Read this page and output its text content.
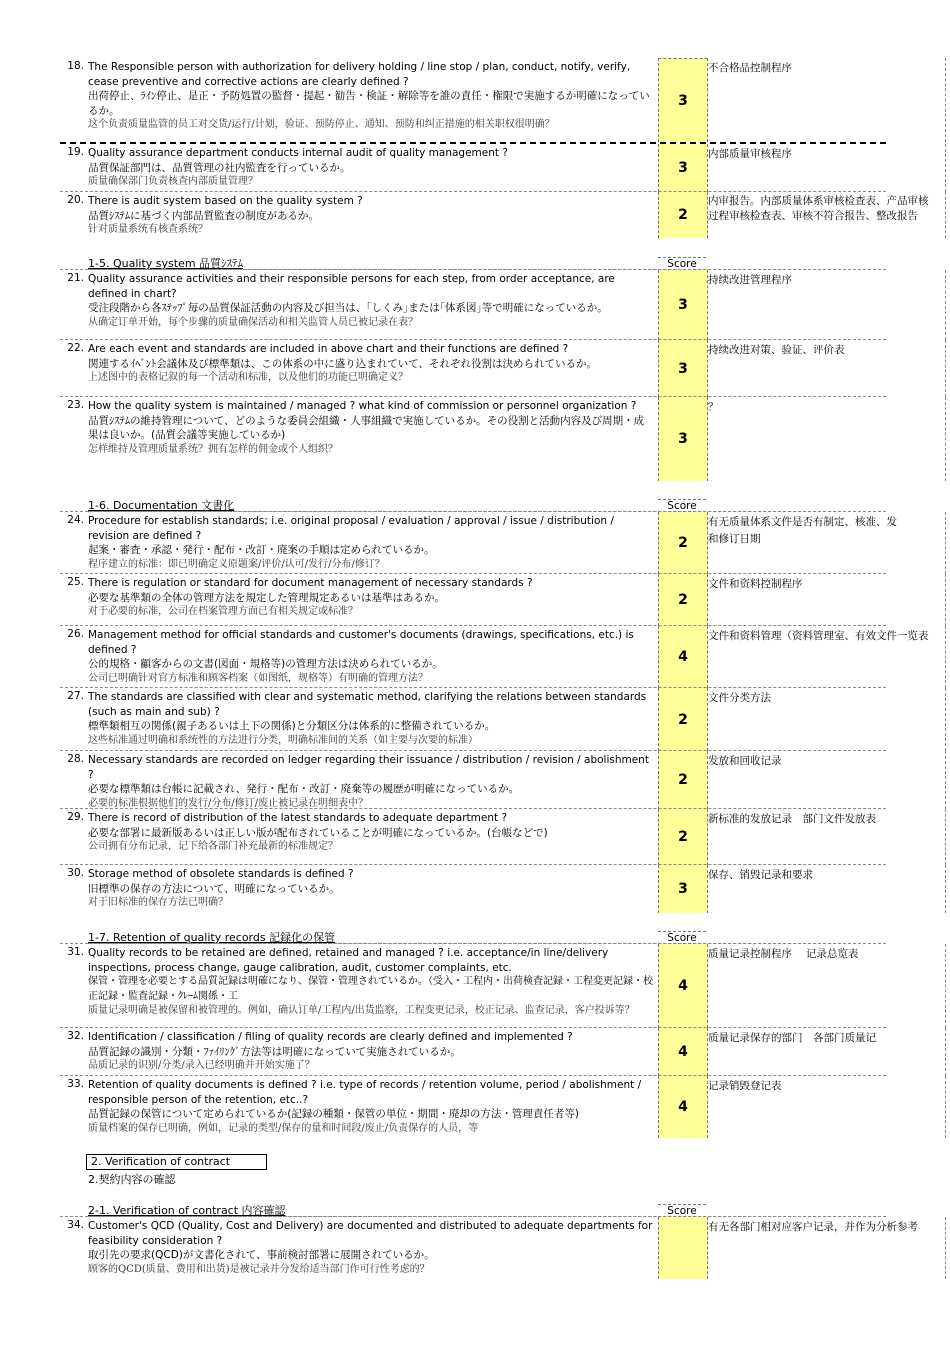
18. The Responsible person with authorization for delivery holding / line stop / plan, conduct, notify, verify, cease preventive and corrective actions are clearly defined ?
出荷停止、ﾗｲﾝ停止、是正・予防処置の監督・提起・勧告・検証・解除等を誰の責任・権限で実施するか明確になっているか。
这个负责质量监管的员工对交货/运行/计划，验证、预防停止、通知、预防和纠正措施的相关职权很明确？
3
不合格品控制程序
19. Quality assurance department conducts internal audit of quality management ?
品質保証部門は、品質管理の社内監査を行っているか。
质量确保部门负责核查内部质量管理？
3
内部质量审核程序
20. There is audit system based on the quality system ?
品質ｼｽﾃﾑに基づく内部品質監査の制度があるか。
针对质量系统有核查系统？
2
内审报告。内部质量体系审核检查表、产品审核
过程审核检查表、审核不符合报告、整改报告
1-5. Quality system 品質ｼｽﾃﾑ	Score
21. Quality assurance activities and their responsible persons for each step, from order acceptance, are defined in chart?
受注段階から各ｽﾃｯﾌﾟ毎の品質保証活動の内容及び担当は、｢しくみ｣または｢体系図｣等で明確になっているか。
从确定订单开始，每个步骤的质量确保活动和相关监管人员已被记录在表？
3
持续改进管理程序
22. Are each event and standards are included in above chart and their functions are defined ?
関連するｲﾍﾞﾝﾄ会議体及び標準類は、この体系の中に盛り込まれていて、それぞれ役割は決められているか。
上述图中的表格记叙的每一个活动和标准，以及他们的功能已明确定义？
3
持续改进对策、验证、评价表
23. How the quality system is maintained / managed ? what kind of commission or personnel organization ?
品質ｼｽﾃﾑの維持管理について、どのような委員会組織・人事組織で実施しているか。その役割と活動内容及び周期・成果は良いか。(品質会議等実施しているか)
怎样维持及管理质量系统？拥有怎样的佣金或个人组织？
3
？
1-6. Documentation 文書化	Score
24. Procedure for establish standards; i.e. original proposal / evaluation / approval / issue / distribution / revision are defined ?
起案・審査・承認・発行・配布・改訂・廃案の手順は定められているか。
程序建立的标准：即已明确定义原题案/评价/认可/发行/分布/修订？
2
有无质量体系文件是否有制定、核准、发
和修订日期
25. There is regulation or standard for document management of necessary standards ?
必要な基準類の全体の管理方法を規定した管理規定あるいは基準はあるか。
对于必要的标准，公司在档案管理方面已有相关规定或标准？
2
文件和资料控制程序
26. Management method for official standards and customer's documents (drawings, specifications, etc.) is defined ?
公的規格・顧客からの文書(図面・規格等)の管理方法は決められているか。
公司已明确针对官方标准和顾客档案（如图纸，规格等）有明确的管理方法？
4
文件和资料管理（资料管理室、有效文件一览表
27. The standards are classified with clear and systematic method, clarifying the relations between standards (such as main and sub) ?
標準類相互の関係(親子あるいは上下の関係)と分類区分は体系的に整備されているか。
这些标准通过明确和系统性的方法进行分类，明确标准间的关系（如主要与次要的标准）
2
文件分类方法
28. Necessary standards are recorded on ledger regarding their issuance / distribution / revision / abolishment ?
必要な標準類は台帳に記載され、発行・配布・改訂・廃棄等の履歴が明確になっているか。
必要的标准根据他们的发行/分布/修订/废止被记录在明细表中？
2
发放和回收记录
29. There is record of distribution of the latest standards to adequate department ?
必要な部署に最新版あるいは正しい版が配布されていることが明確になっているか。(台帳などで)
公司拥有分布记录，记下给各部门补充最新的标准规定？
2
新标准的发放记录　部门文件发放表
30. Storage method of obsolete standards is defined ?
旧標準の保存の方法について、明確になっているか。
对于旧标准的保存方法已明确？
3
保存、销毁记录和要求
1-7. Retention of quality records 記録化の保管	Score
31. Quality records to be retained are defined, retained and managed ? i.e. acceptance/in line/delivery inspections, process change, gauge calibration, audit, customer complaints, etc.
保管・管理を必要とする品質記録は明確になり、保管・管理されているか。（受入・工程内・出荷検査記録・工程変更記録・校正記録・監査記録・ｸﾚｰﾑ関係・工
质量记录明确是被保留和被管理的。例如，确认订单/工程内/出货监察，工程变更记录，校正记录、监查记录，客户投诉等？
4
质量记录控制程序　 记录总览表
32. Identification / classification / filing of quality records are clearly defined and implemented ?
品質記録の識別・分類・ﾌｧｲﾘﾝｸﾞ方法等は明確になっていて実施されているか。
品质记录的识别/分类/录入已经明确并开始实施了？
4
质量记录保存的部门　各部门质量记
33. Retention of quality documents is defined ? i.e. type of records / retention volume, period / abolishment / responsible person of the retention, etc..?
品質記録の保管について定められているか(記録の種類・保管の単位・期間・廃却の方法・管理責任者等)
质量档案的保存已明确，例如，记录的类型/保存的量和时间段/废止/负责保存的人员，等
4
记录销毁登记表
2. Verification of contract
2.契約内容の確認
2-1. Verification of contract 内容確認	Score
34. Customer's QCD (Quality, Cost and Delivery) are documented and distributed to adequate departments for feasibility consideration ?
取引先の要求(QCD)が文書化されて、事前検討部署に展開されているか。
顾客的QCD(质量、费用和出货)是被记录并分发给适当部门作可行性考虑的？
有无各部门相对应客户记录，并作为分析参考
